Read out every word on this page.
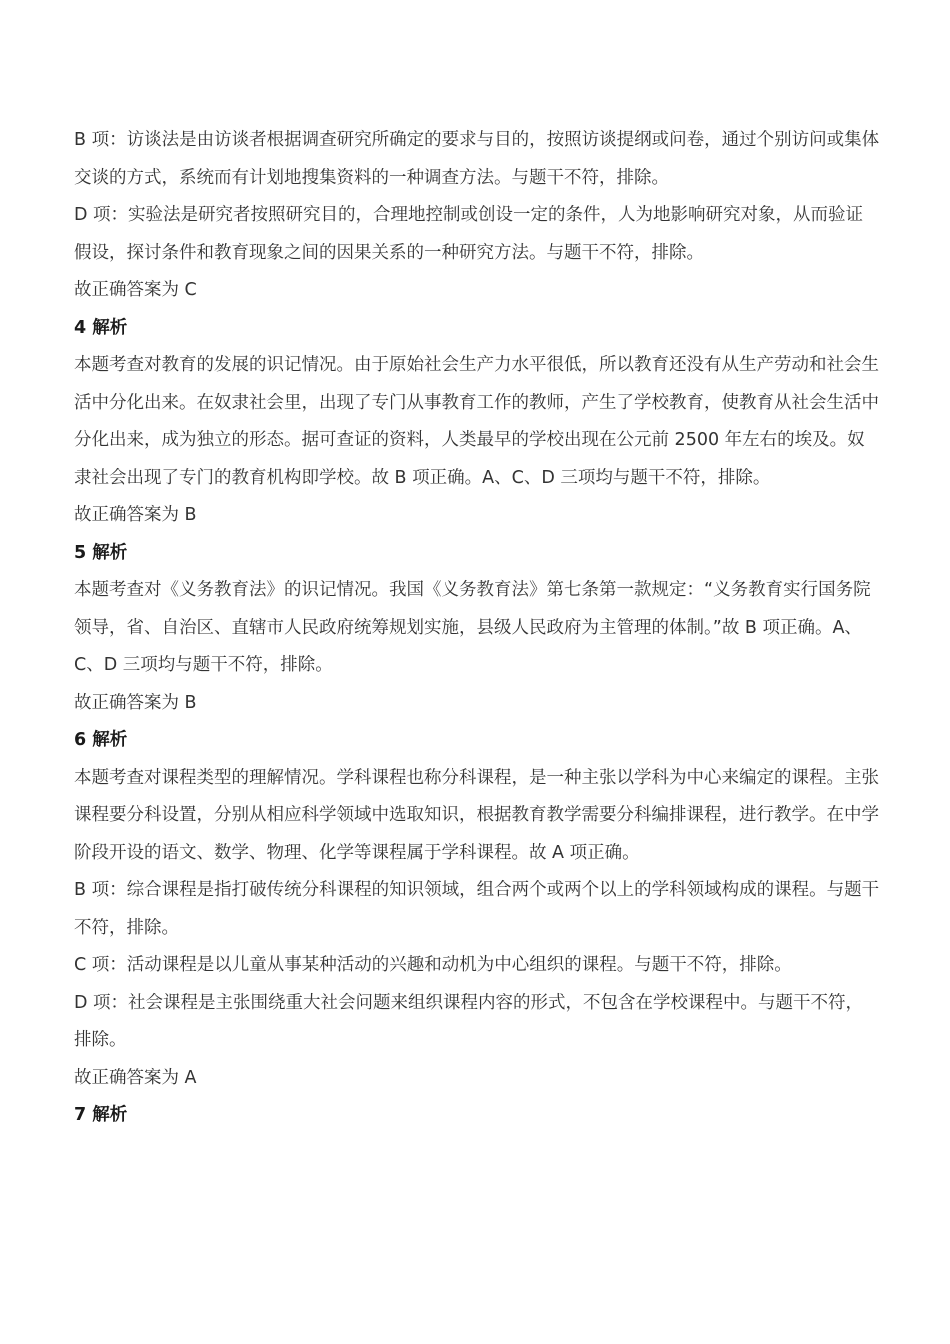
B 项：访谈法是由访谈者根据调查研究所确定的要求与目的，按照访谈提纲或问卷，通过个别访问或集体交谈的方式，系统而有计划地搜集资料的一种调查方法。与题干不符，排除。

D 项：实验法是研究者按照研究目的，合理地控制或创设一定的条件，人为地影响研究对象，从而验证假设，探讨条件和教育现象之间的因果关系的一种研究方法。与题干不符，排除。

故正确答案为 C

4 解析

本题考查对教育的发展的识记情况。由于原始社会生产力水平很低，所以教育还没有从生产劳动和社会生活中分化出来。在奴隶社会里，出现了专门从事教育工作的教师，产生了学校教育，使教育从社会生活中分化出来，成为独立的形态。据可查证的资料，人类最早的学校出现在公元前 2500 年左右的埃及。奴隶社会出现了专门的教育机构即学校。故 B 项正确。A、C、D 三项均与题干不符，排除。

故正确答案为 B

5 解析

本题考查对《义务教育法》的识记情况。我国《义务教育法》第七条第一款规定：“义务教育实行国务院领导，省、自治区、直辖市人民政府统筹规划实施，县级人民政府为主管理的体制。”故 B 项正确。A、C、D 三项均与题干不符，排除。

故正确答案为 B

6 解析

本题考查对课程类型的理解情况。学科课程也称分科课程，是一种主张以学科为中心来编定的课程。主张课程要分科设置，分别从相应科学领域中选取知识，根据教育教学需要分科编排课程，进行教学。在中学阶段开设的语文、数学、物理、化学等课程属于学科课程。故 A 项正确。

B 项：综合课程是指打破传统分科课程的知识领域，组合两个或两个以上的学科领域构成的课程。与题干不符，排除。

C 项：活动课程是以儿童从事某种活动的兴趣和动机为中心组织的课程。与题干不符，排除。

D 项：社会课程是主张围绕重大社会问题来组织课程内容的形式，不包含在学校课程中。与题干不符，排除。

故正确答案为 A

7 解析
